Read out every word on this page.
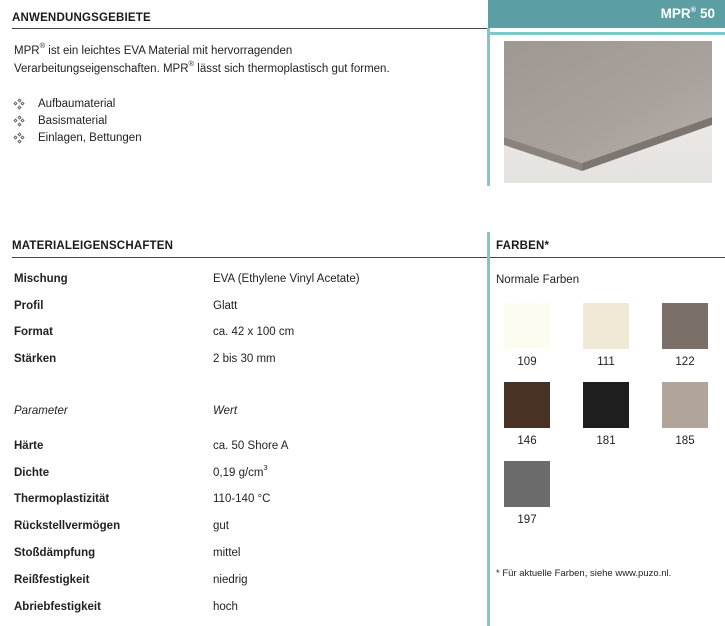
ANWENDUNGSGEBIETE	MPR® 50
MPR® ist ein leichtes EVA Material mit hervorragenden
Verarbeitungseigenschaften. MPR® lässt sich thermoplastisch gut formen.
Aufbaumaterial
Basismaterial
Einlagen, Bettungen
MATERIALEIGENSCHAFTEN	FARBEN*
Mischung	EVA (Ethylene Vinyl Acetate)
Profil	Glatt
Format	ca. 42 x 100 cm
Stärken	2 bis 30 mm
Parameter	Wert
Härte	ca. 50 Shore A
Dichte	0,19 $g/cm^3$
Thermoplastizität	110-140 °C
Rückstellvermögen	gut
Stoßdämpfung	mittel
Reißfestigkeit	niedrig
Abriebfestigkeit	hoch
Normale Farben
109	111	122
146	181	185
197
* Für aktuelle Farben, siehe www.puzo.nl.
